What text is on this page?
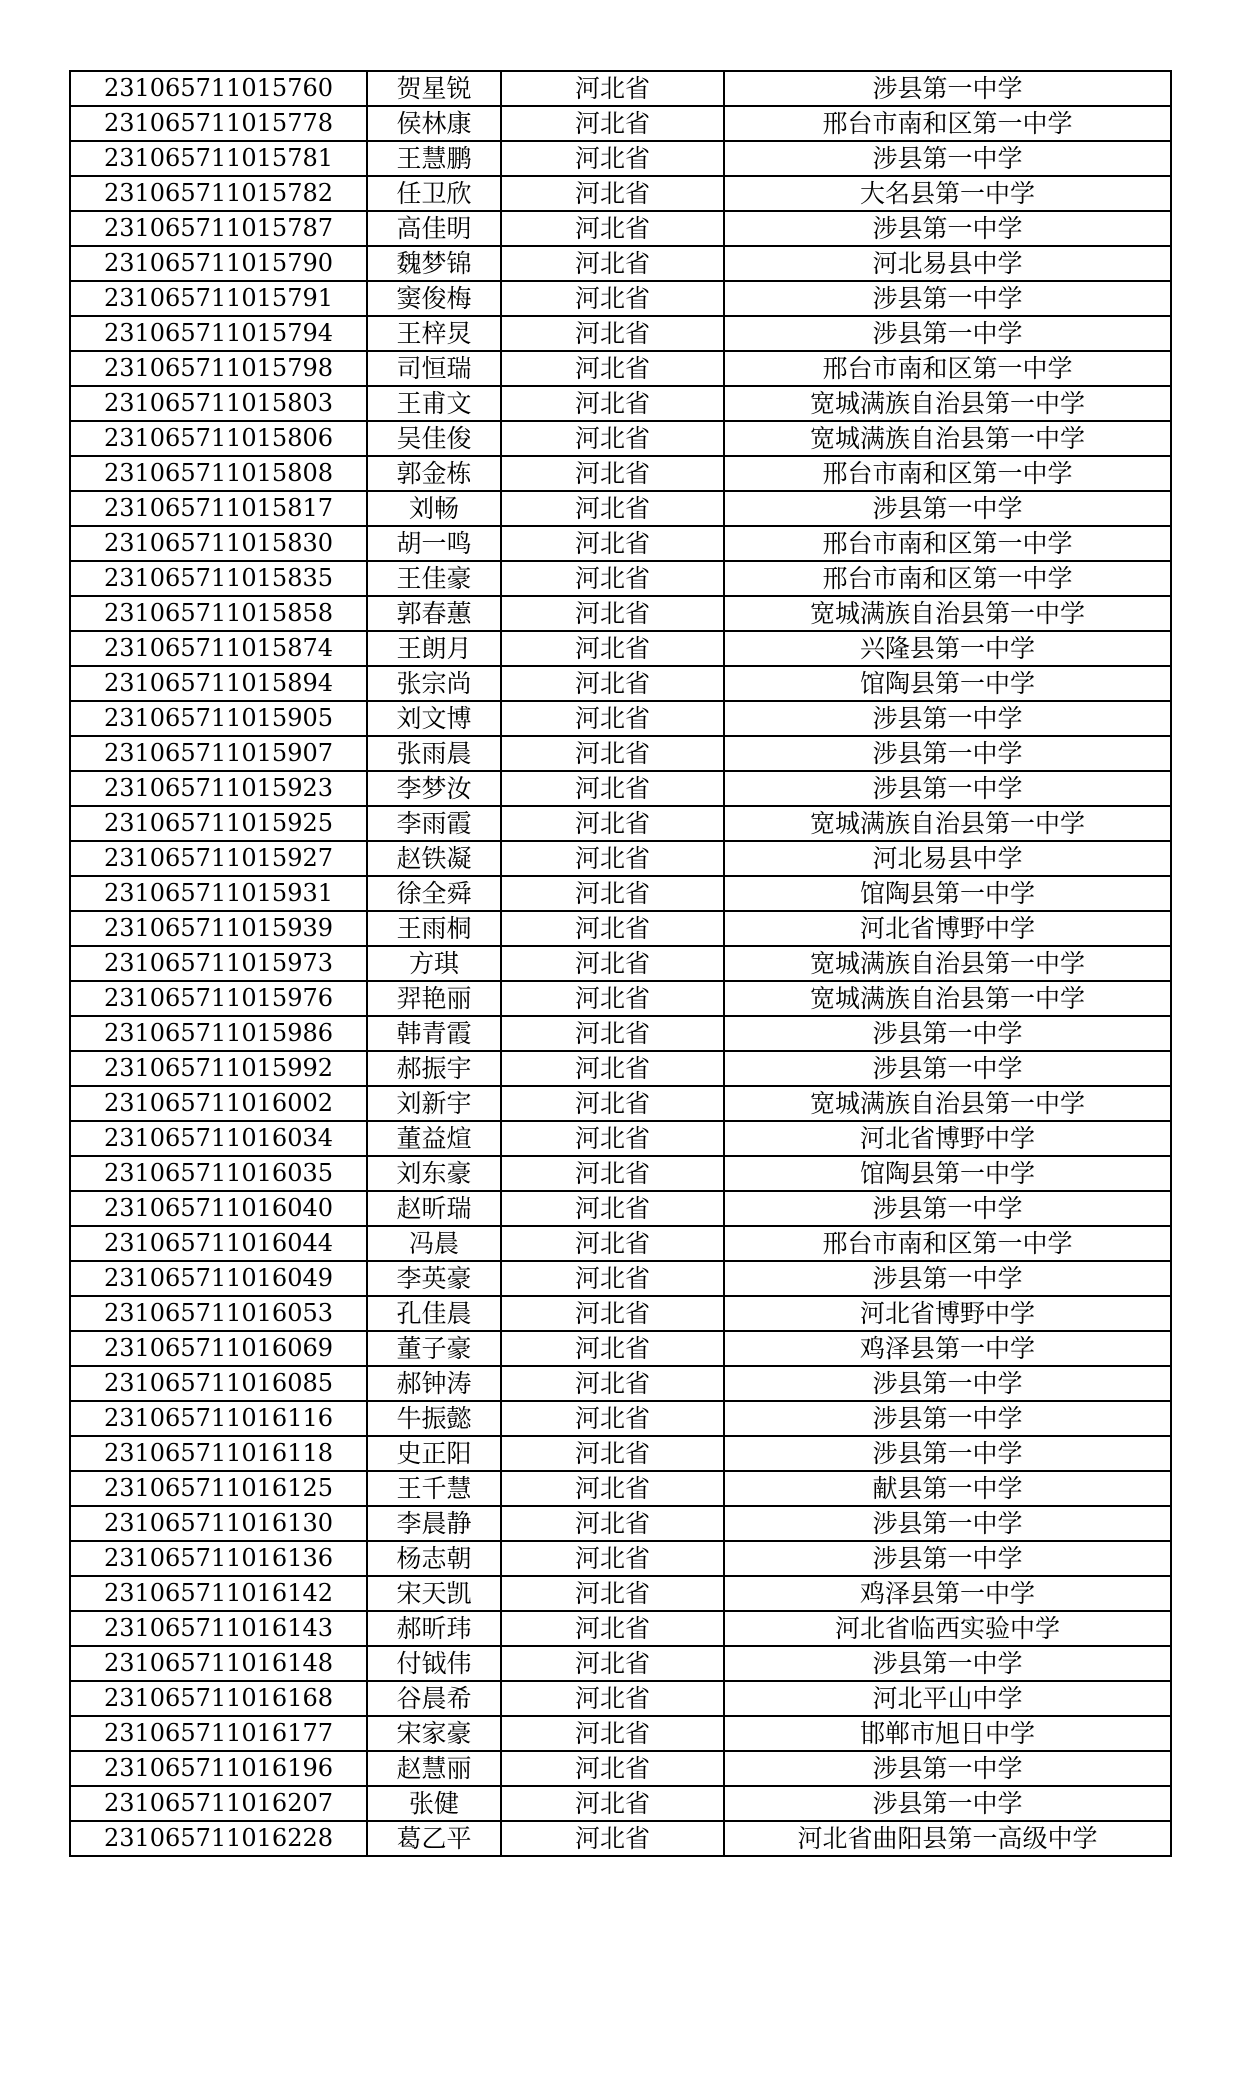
231065711015760	贺星锐	河北省	涉县第一中学
231065711015778	侯林康	河北省	邢台市南和区第一中学
231065711015781	王慧鹏	河北省	涉县第一中学
231065711015782	任卫欣	河北省	大名县第一中学
231065711015787	高佳明	河北省	涉县第一中学
231065711015790	魏梦锦	河北省	河北易县中学
231065711015791	窦俊梅	河北省	涉县第一中学
231065711015794	王梓炅	河北省	涉县第一中学
231065711015798	司恒瑞	河北省	邢台市南和区第一中学
231065711015803	王甫文	河北省	宽城满族自治县第一中学
231065711015806	吴佳俊	河北省	宽城满族自治县第一中学
231065711015808	郭金栋	河北省	邢台市南和区第一中学
231065711015817	刘畅	河北省	涉县第一中学
231065711015830	胡一鸣	河北省	邢台市南和区第一中学
231065711015835	王佳豪	河北省	邢台市南和区第一中学
231065711015858	郭春蕙	河北省	宽城满族自治县第一中学
231065711015874	王朗月	河北省	兴隆县第一中学
231065711015894	张宗尚	河北省	馆陶县第一中学
231065711015905	刘文博	河北省	涉县第一中学
231065711015907	张雨晨	河北省	涉县第一中学
231065711015923	李梦汝	河北省	涉县第一中学
231065711015925	李雨霞	河北省	宽城满族自治县第一中学
231065711015927	赵铁凝	河北省	河北易县中学
231065711015931	徐全舜	河北省	馆陶县第一中学
231065711015939	王雨桐	河北省	河北省博野中学
231065711015973	方琪	河北省	宽城满族自治县第一中学
231065711015976	羿艳丽	河北省	宽城满族自治县第一中学
231065711015986	韩青霞	河北省	涉县第一中学
231065711015992	郝振宇	河北省	涉县第一中学
231065711016002	刘新宇	河北省	宽城满族自治县第一中学
231065711016034	董益煊	河北省	河北省博野中学
231065711016035	刘东豪	河北省	馆陶县第一中学
231065711016040	赵昕瑞	河北省	涉县第一中学
231065711016044	冯晨	河北省	邢台市南和区第一中学
231065711016049	李英豪	河北省	涉县第一中学
231065711016053	孔佳晨	河北省	河北省博野中学
231065711016069	董子豪	河北省	鸡泽县第一中学
231065711016085	郝钟涛	河北省	涉县第一中学
231065711016116	牛振懿	河北省	涉县第一中学
231065711016118	史正阳	河北省	涉县第一中学
231065711016125	王千慧	河北省	献县第一中学
231065711016130	李晨静	河北省	涉县第一中学
231065711016136	杨志朝	河北省	涉县第一中学
231065711016142	宋天凯	河北省	鸡泽县第一中学
231065711016143	郝昕玮	河北省	河北省临西实验中学
231065711016148	付钺伟	河北省	涉县第一中学
231065711016168	谷晨希	河北省	河北平山中学
231065711016177	宋家豪	河北省	邯郸市旭日中学
231065711016196	赵慧丽	河北省	涉县第一中学
231065711016207	张健	河北省	涉县第一中学
231065711016228	葛乙平	河北省	河北省曲阳县第一高级中学
